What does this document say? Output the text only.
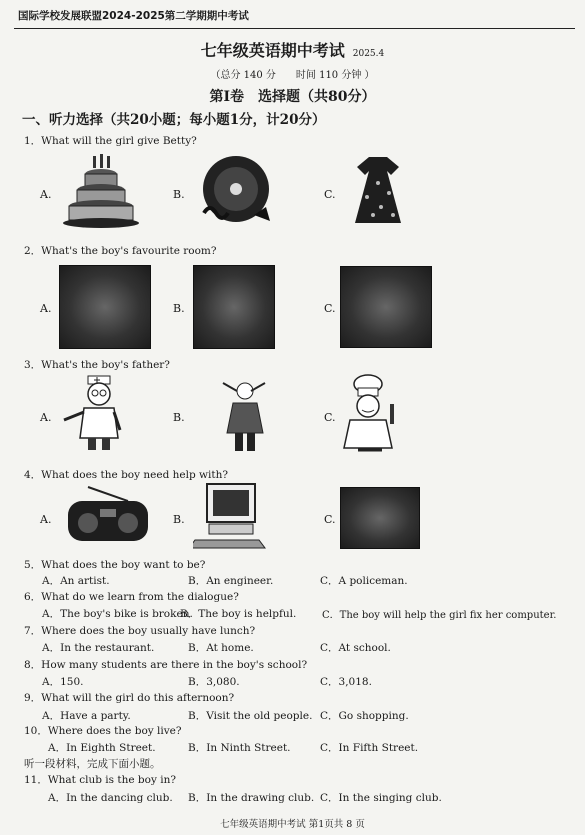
国际学校发展联盟2024-2025第二学期期中考试
七年级英语期中考试 2025.4
（总分 140 分　　时间 110 分钟 ）
第Ⅰ卷　选择题（共80分）
一、听力选择（共20小题；每小题1分，计20分）
1．What will the girl give Betty?
A.	B.	C.
2．What's the boy's favourite room?
A.	B.	C.
3．What's the boy's father?
A.	B.	C.
4．What does the boy need help with?
A.	B.	C.
5．What does the boy want to be?
A．An artist.	B．An engineer.	C．A policeman.
6．What do we learn from the dialogue?
A．The boy's bike is broken.
B．The boy is helpful.	C．The boy will help the girl fix her computer.
7．Where does the boy usually have lunch?
A．In the restaurant.	B．At home.	C．At school.
8．How many students are there in the boy's school?
A．150.	B．3,080.	C．3,018.
9．What will the girl do this afternoon?
A．Have a party.	B．Visit the old people. C．Go shopping.
10．Where does the boy live?
A．In Eighth Street.	B．In Ninth Street.	C．In Fifth Street.
听一段材料，完成下面小题。
11．What club is the boy in?
A．In the dancing club. B．In the drawing club. C．In the singing club.
七年级英语期中考试 第1页共 8 页
